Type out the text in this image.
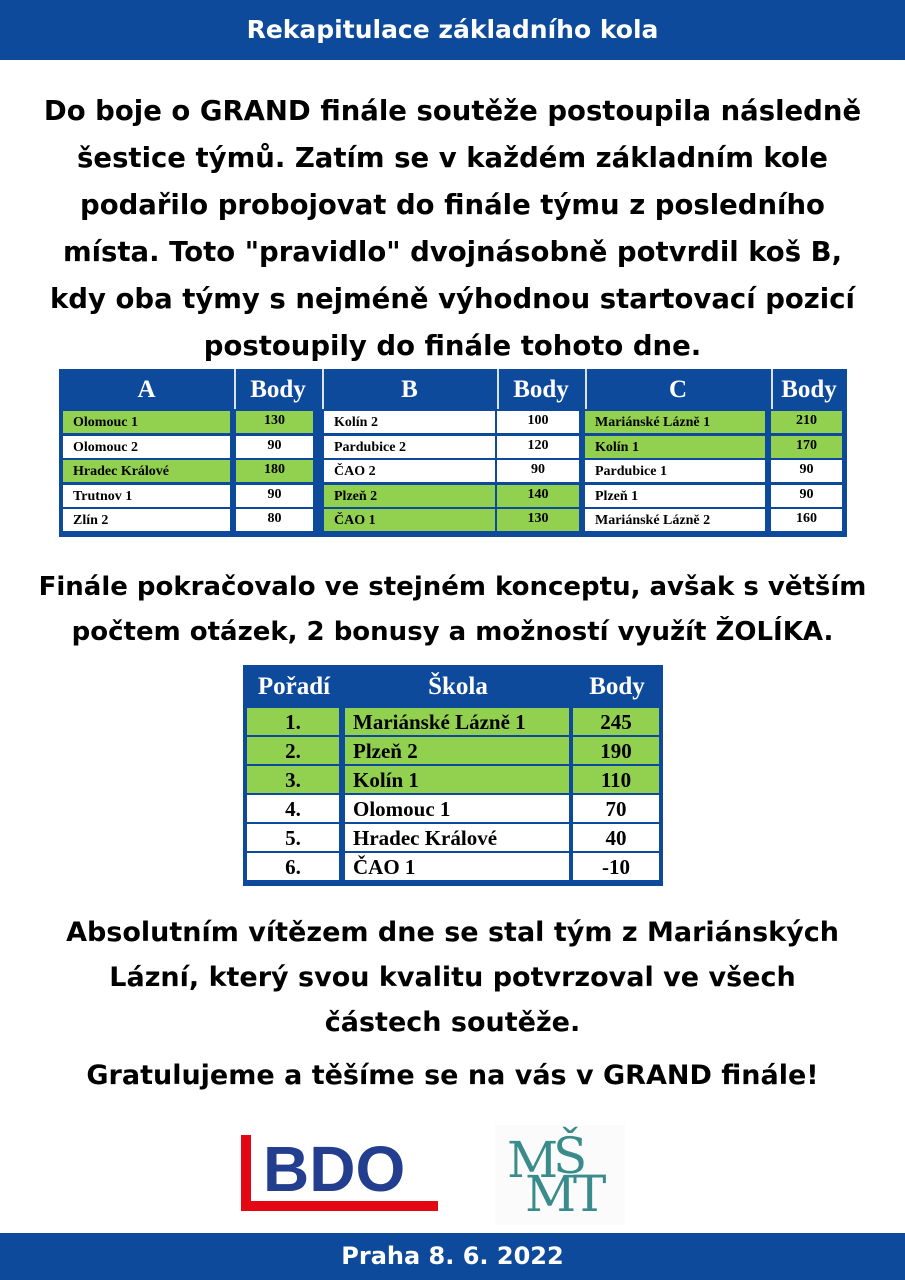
Rekapitulace základního kola
Do boje o GRAND finále soutěže postoupila následně
šestice týmů. Zatím se v každém základním kole
podařilo probojovat do finále týmu z posledního
místa. Toto "pravidlo" dvojnásobně potvrdil koš B,
kdy oba týmy s nejméně výhodnou startovací pozicí
postoupily do finále tohoto dne.
A	Body
Olomouc 1	130
Olomouc 2	90
Hradec Králové	180
Trutnov 1	90
Zlín 2	80
B	Body
Kolín 2	100
Pardubice 2	120
ČAO 2	90
Plzeň 2	140
ČAO 1	130
C	Body
Mariánské Lázně 1	210
Kolín 1	170
Pardubice 1	90
Plzeň 1	90
Mariánské Lázně 2	160
Finále pokračovalo ve stejném konceptu, avšak s větším
počtem otázek, 2 bonusy a možností využít ŽOLÍKA.
Pořadí	Škola	Body
1.	Mariánské Lázně 1	245
2.	Plzeň 2	190
3.	Kolín 1	110
4.	Olomouc 1	70
5.	Hradec Králové	40
6.	ČAO 1	-10
Absolutním vítězem dne se stal tým z Mariánských
Lázní, který svou kvalitu potvrzoval ve všech
částech soutěže.
Gratulujeme a těšíme se na vás v GRAND finále!
BDO M
Š
M
T
Praha 8. 6. 2022
